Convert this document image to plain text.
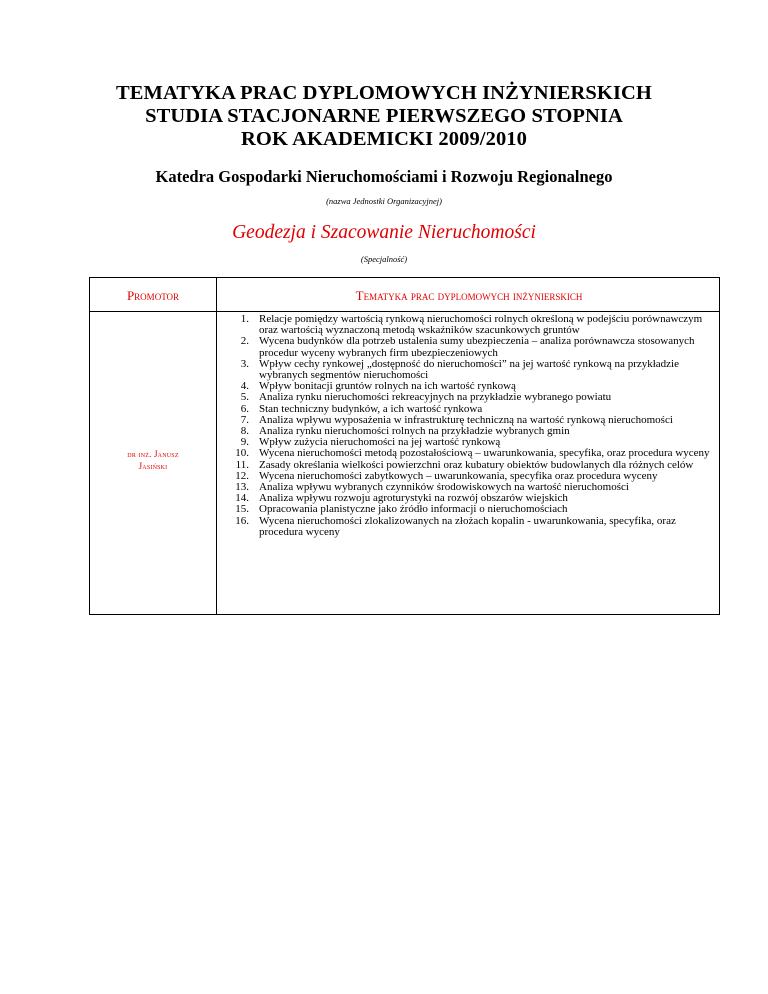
TEMATYKA PRAC DYPLOMOWYCH INŻYNIERSKICH
STUDIA STACJONARNE PIERWSZEGO STOPNIA
ROK AKADEMICKI 2009/2010
Katedra Gospodarki Nieruchomościami i Rozwoju Regionalnego
(nazwa Jednostki Organizacyjnej)
Geodezja i Szacowanie Nieruchomości
(Specjalność)
Promotor	Tematyka prac dyplomowych inżynierskich
dr inż. Janusz
Jasiński
1. Relacje pomiędzy wartością rynkową nieruchomości rolnych określoną w podejściu porównawczym oraz wartością wyznaczoną metodą wskaźników szacunkowych gruntów
2. Wycena budynków dla potrzeb ustalenia sumy ubezpieczenia – analiza porównawcza stosowanych procedur wyceny wybranych firm ubezpieczeniowych
3. Wpływ cechy rynkowej „dostępność do nieruchomości” na jej wartość rynkową na przykładzie wybranych segmentów nieruchomości
4. Wpływ bonitacji gruntów rolnych na ich wartość rynkową
5. Analiza rynku nieruchomości rekreacyjnych na przykładzie wybranego powiatu
6. Stan techniczny budynków, a ich wartość rynkowa
7. Analiza wpływu wyposażenia w infrastrukturę techniczną na wartość rynkową nieruchomości
8. Analiza rynku nieruchomości rolnych na przykładzie wybranych gmin
9. Wpływ zużycia nieruchomości na jej wartość rynkową
10. Wycena nieruchomości metodą pozostałościową – uwarunkowania, specyfika, oraz procedura wyceny
11. Zasady określania wielkości powierzchni oraz kubatury obiektów budowlanych dla różnych celów
12. Wycena nieruchomości zabytkowych – uwarunkowania, specyfika oraz procedura wyceny
13. Analiza wpływu wybranych czynników środowiskowych na wartość nieruchomości
14. Analiza wpływu rozwoju agroturystyki na rozwój obszarów wiejskich
15. Opracowania planistyczne jako źródło informacji o nieruchomościach
16. Wycena nieruchomości zlokalizowanych na złożach kopalin - uwarunkowania, specyfika, oraz procedura wyceny
